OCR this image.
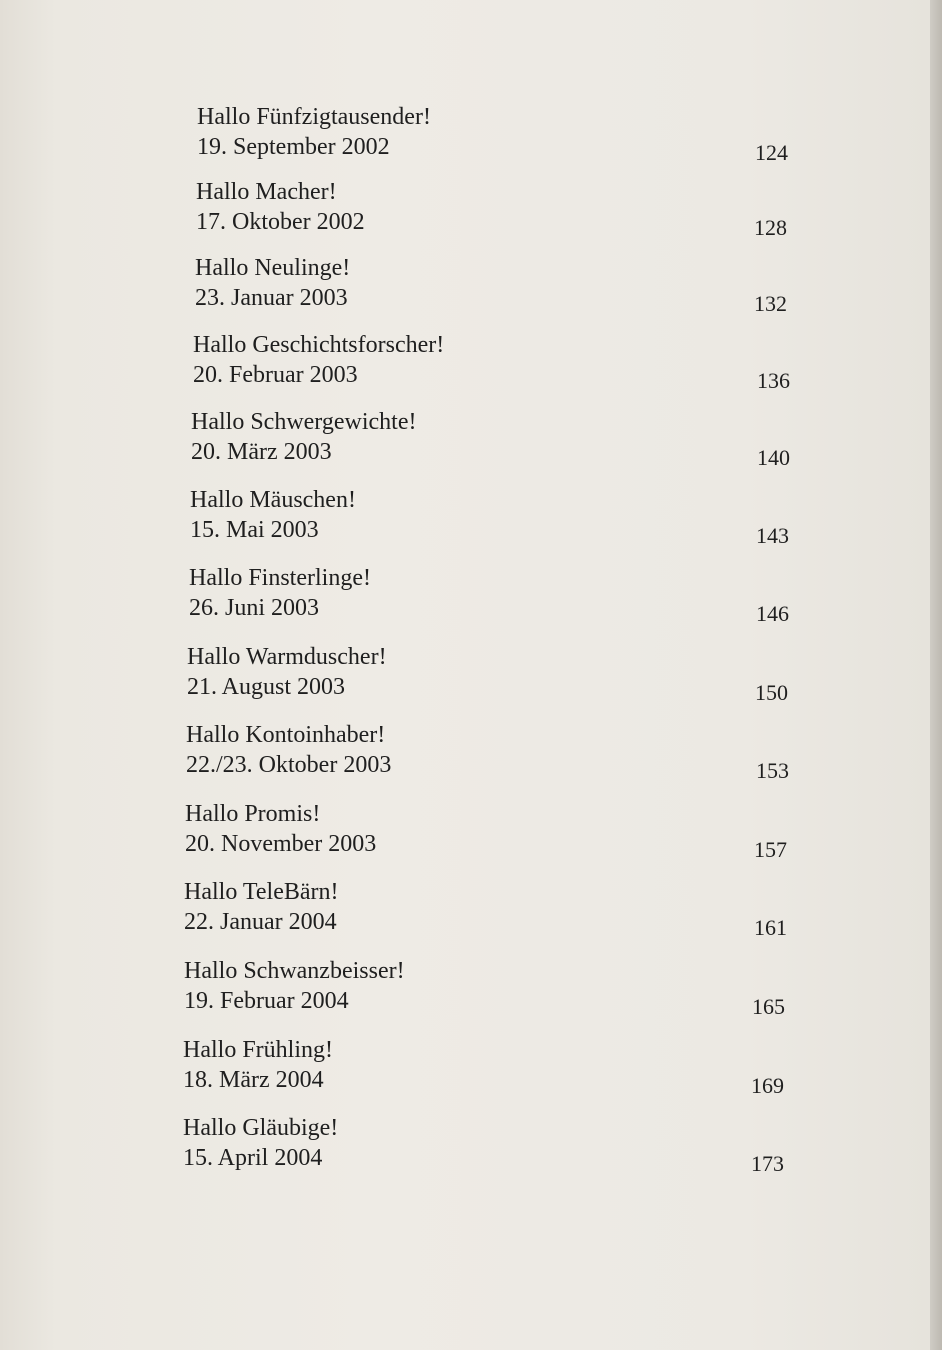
Hallo Fünfzigtausender!
19. September 2002	124
Hallo Macher!
17. Oktober 2002	128
Hallo Neulinge!
23. Januar 2003	132
Hallo Geschichtsforscher!
20. Februar 2003	136
Hallo Schwergewichte!
20. März 2003	140
Hallo Mäuschen!
15. Mai 2003	143
Hallo Finsterlinge!
26. Juni 2003	146
Hallo Warmduscher!
21. August 2003	150
Hallo Kontoinhaber!
22./23. Oktober 2003	153
Hallo Promis!
20. November 2003	157
Hallo TeleBärn!
22. Januar 2004	161
Hallo Schwanzbeisser!
19. Februar 2004	165
Hallo Frühling!
18. März 2004	169
Hallo Gläubige!
15. April 2004	173
